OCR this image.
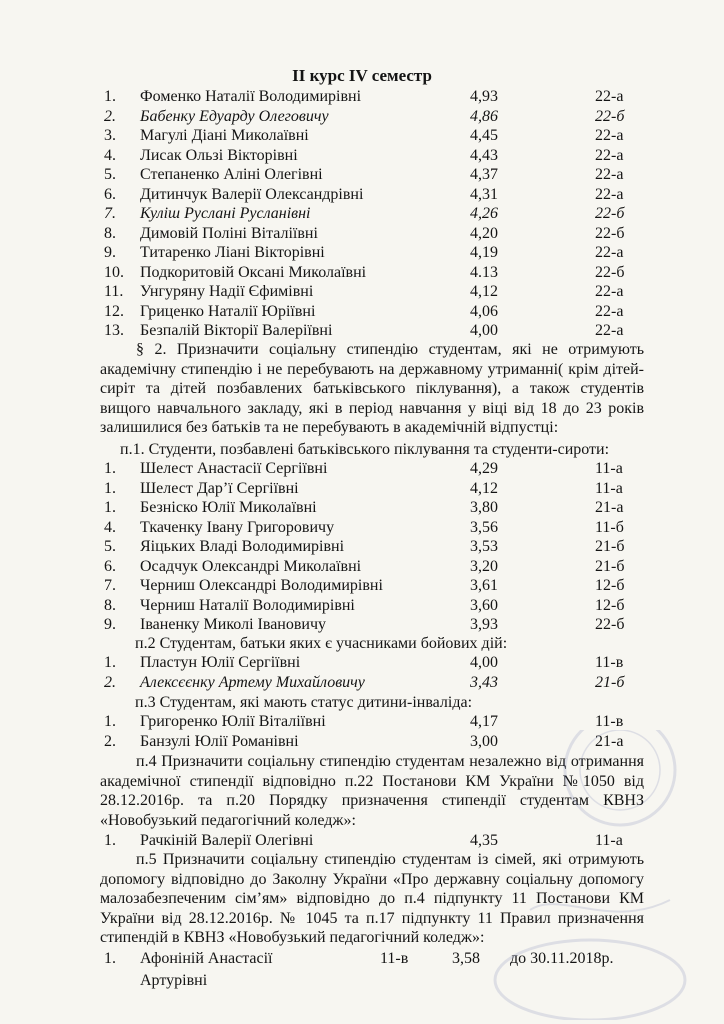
ІІ курс IV семестр
1. Фоменко Наталії Володимирівні	4,93	22-а
2. Бабенку Едуарду Олеговичу	4,86	22-б
3. Магулі Діані Миколаївні	4,45	22-а
4. Лисак Ользі Вікторівні	4,43	22-а
5. Степаненко Аліні Олегівні	4,37	22-а
6. Дитинчук Валерії Олександрівні	4,31	22-а
7. Куліш Руслані Русланівні	4,26	22-б
8. Димовій Поліні Віталіївні	4,20	22-б
9. Титаренко Ліані Вікторівні	4,19	22-а
10. Подкоритовій Оксані Миколаївні	4.13	22-б
11. Унгуряну Надії Єфимівні	4,12	22-а
12. Гриценко Наталії Юріївні	4,06	22-а
13. Безпалій Вікторії Валеріївні	4,00	22-а

§ 2. Призначити соціальну стипендію студентам, які не отримують академічну стипендію і не перебувають на державному утриманні( крім дітей-сиріт та дітей позбавлених батьківського піклування), а також студентів вищого навчального закладу, які в період навчання у віці від 18 до 23 років залишилися без батьків та не перебувають в академічній відпустці:

п.1. Студенти, позбавлені батьківського піклування та студенти-сироти:
1. Шелест Анастасії Сергіївні	4,29	11-а
1. Шелест Дар’ї Сергіївні	4,12	11-а
1. Безніско Юлії Миколаївні	3,80	21-а
4. Ткаченку Івану Григоровичу	3,56	11-б
5. Яіцьких Владі Володимирівні	3,53	21-б
6. Осадчук Олександрі Миколаївні	3,20	21-б
7. Черниш Олександрі Володимирівні	3,61	12-б
8. Черниш Наталії Володимирівні	3,60	12-б
9. Іваненку Миколі Івановичу	3,93	22-б
п.2 Студентам, батьки яких є учасниками бойових дій:
1. Пластун Юлії Сергіївні	4,00	11-в
2. Алексєєнку Артему Михайловичу	3,43	21-б
п.3 Студентам, які мають статус дитини-інваліда:
1. Григоренко Юлії Віталіївні	4,17	11-в
2. Банзулі Юлії Романівні	3,00	21-а

п.4 Призначити соціальну стипендію студентам незалежно від отримання академічної стипендії відповідно п.22 Постанови КМ України №1050 від 28.12.2016р. та п.20 Порядку призначення стипендії студентам КВНЗ «Новобузький педагогічний коледж»:

1. Рачкіній Валерії Олегівні	4,35	11-а

п.5 Призначити соціальну стипендію студентам із сімей, які отримують допомогу відповідно до Заколну України «Про державну соціальну допомогу малозабезпеченим сім’ям» відповідно до п.4 підпункту 11 Постанови КМ України від 28.12.2016р. № 1045 та п.17 підпункту 11 Правил призначення стипендій в КВНЗ «Новобузький педагогічний коледж»:

1. Афоніній Анастасії	11-в	3,58 до 30.11.2018р.
Артурівні
